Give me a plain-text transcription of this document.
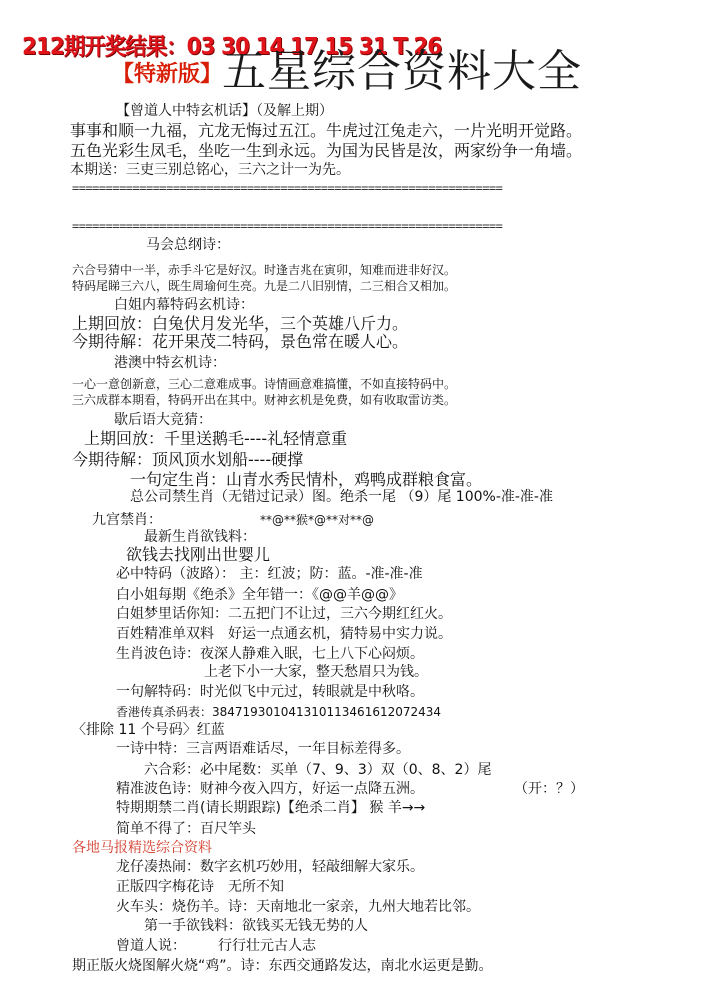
212期开奖结果：03 30 14 17 15 31 T 26
【特新版】 五星综合资料大全
【曾道人中特玄机话】（及解上期）
事事和顺一九福，亢龙无悔过五江。牛虎过江兔走六，一片光明开觉路。
五色光彩生凤毛，坐吃一生到永远。为国为民皆是汝，两家纷争一角墙。
本期送：三吏三别总铭心，三六之计一为先。
================================================================
================================================================
马会总纲诗：
六合号猜中一半，赤手斗它是好汉。时逢吉兆在寅卯，知难而进非好汉。
特码尾睇三六八，既生周瑜何生亮。九是二八旧别情，二三相合又相加。
白姐内幕特码玄机诗：
上期回放：白兔伏月发光华，三个英雄八斤力。
今期待解：花开果茂二特码，景色常在暖人心。
港澳中特玄机诗：
一心一意创新意，三心二意难成事。诗情画意难搞懂，不如直接特码中。
三六成群本期看，特码开出在其中。财神玄机是免费，如有收取雷访类。
歇后语大竞猜：
上期回放：千里送鹅毛----礼轻情意重
今期待解：顶风顶水划船----硬撑
一句定生肖：山青水秀民情朴，鸡鸭成群粮食富。
总公司禁生肖（无错过记录）图。绝杀一尾 （9）尾 100%-准-准-准
九宫禁肖：	**@**猴*@**对**@
最新生肖欲钱料：
欲钱去找刚出世婴儿
必中特码（波路）： 主：红波；防：蓝。-准-准-准
白小姐每期《绝杀》全年错一：《@@羊@@》
白姐梦里话你知：二五把门不让过，三六今期红红火。
百姓精准单双料　好运一点通玄机，猜特易中实力说。
生肖波色诗：夜深人静难入眠，七上八下心闷烦。
上老下小一大家，整天愁眉只为钱。
一句解特码：时光似飞中元过，转眼就是中秋咯。
香港传真杀码表：38471930104131011346161207243​4
〈排除 11 个号码〉红蓝
一诗中特：三言两语难话尽，一年目标差得多。
六合彩：必中尾数：买单（7、9、3）双（0、8、2）尾
精准波色诗：财神今夜入四方，好运一点降五洲。	（开：？）
特期期禁二肖(请长期跟踪)【绝杀二肖】 猴 羊→→
简单不得了：百尺竿头
各地马报精选综合资料
龙仔凑热闹：数字玄机巧妙用，轻敲细解大家乐。
正版四字梅花诗　无所不知
火车头：烧伤羊。诗：天南地北一家亲，九州大地若比邻。
第一手欲钱料：欲钱买无钱无势的人
曾道人说： 行行壮元古人志
期正版火烧图解火烧“鸡”。诗：东西交通路发达，南北水运更是勤。
